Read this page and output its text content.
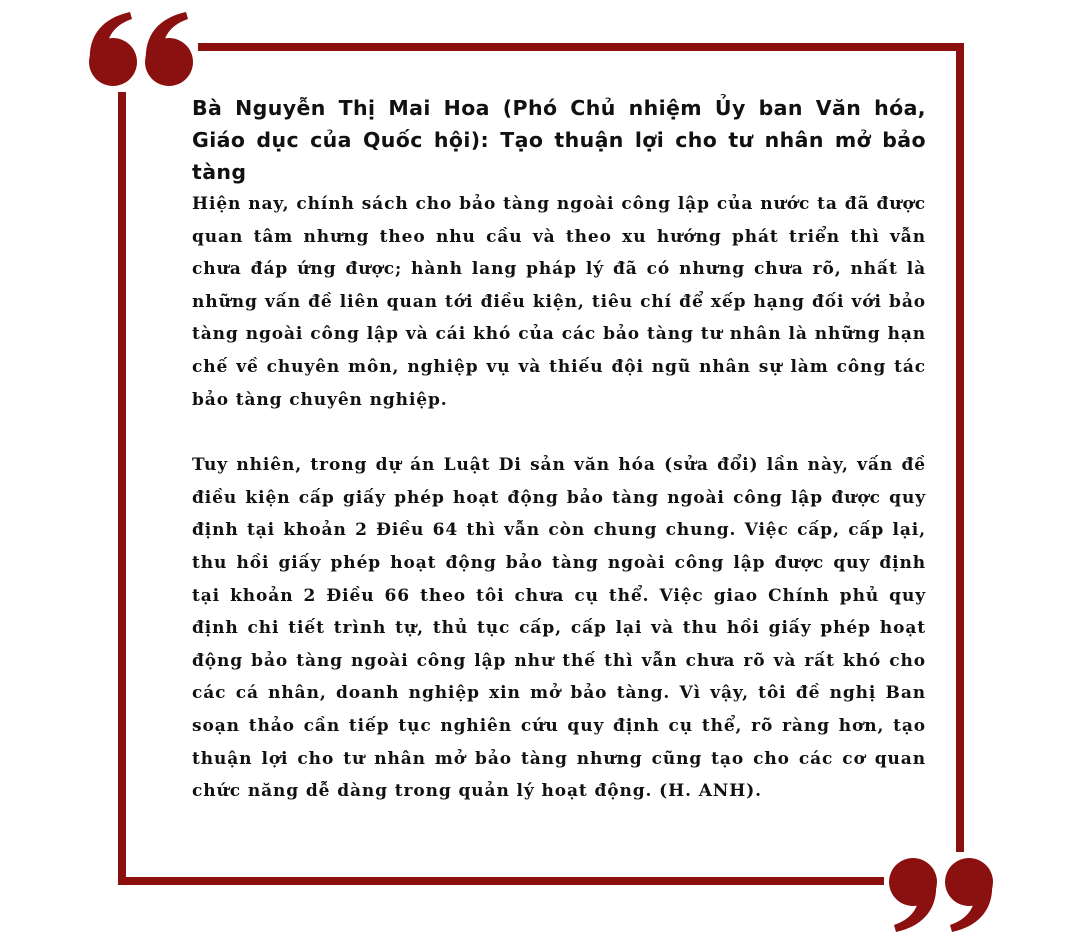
Bà Nguyễn Thị Mai Hoa (Phó Chủ nhiệm Ủy ban Văn hóa, Giáo dục của Quốc hội): Tạo thuận lợi cho tư nhân mở bảo tàng

Hiện nay, chính sách cho bảo tàng ngoài công lập của nước ta đã được quan tâm nhưng theo nhu cầu và theo xu hướng phát triển thì vẫn chưa đáp ứng được; hành lang pháp lý đã có nhưng chưa rõ, nhất là những vấn đề liên quan tới điều kiện, tiêu chí để xếp hạng đối với bảo tàng ngoài công lập và cái khó của các bảo tàng tư nhân là những hạn chế về chuyên môn, nghiệp vụ và thiếu đội ngũ nhân sự làm công tác bảo tàng chuyên nghiệp.

Tuy nhiên, trong dự án Luật Di sản văn hóa (sửa đổi) lần này, vấn đề điều kiện cấp giấy phép hoạt động bảo tàng ngoài công lập được quy định tại khoản 2 Điều 64 thì vẫn còn chung chung. Việc cấp, cấp lại, thu hồi giấy phép hoạt động bảo tàng ngoài công lập được quy định tại khoản 2 Điều 66 theo tôi chưa cụ thể. Việc giao Chính phủ quy định chi tiết trình tự, thủ tục cấp, cấp lại và thu hồi giấy phép hoạt động bảo tàng ngoài công lập như thế thì vẫn chưa rõ và rất khó cho các cá nhân, doanh nghiệp xin mở bảo tàng. Vì vậy, tôi đề nghị Ban soạn thảo cần tiếp tục nghiên cứu quy định cụ thể, rõ ràng hơn, tạo thuận lợi cho tư nhân mở bảo tàng nhưng cũng tạo cho các cơ quan chức năng dễ dàng trong quản lý hoạt động. (H. ANH).
